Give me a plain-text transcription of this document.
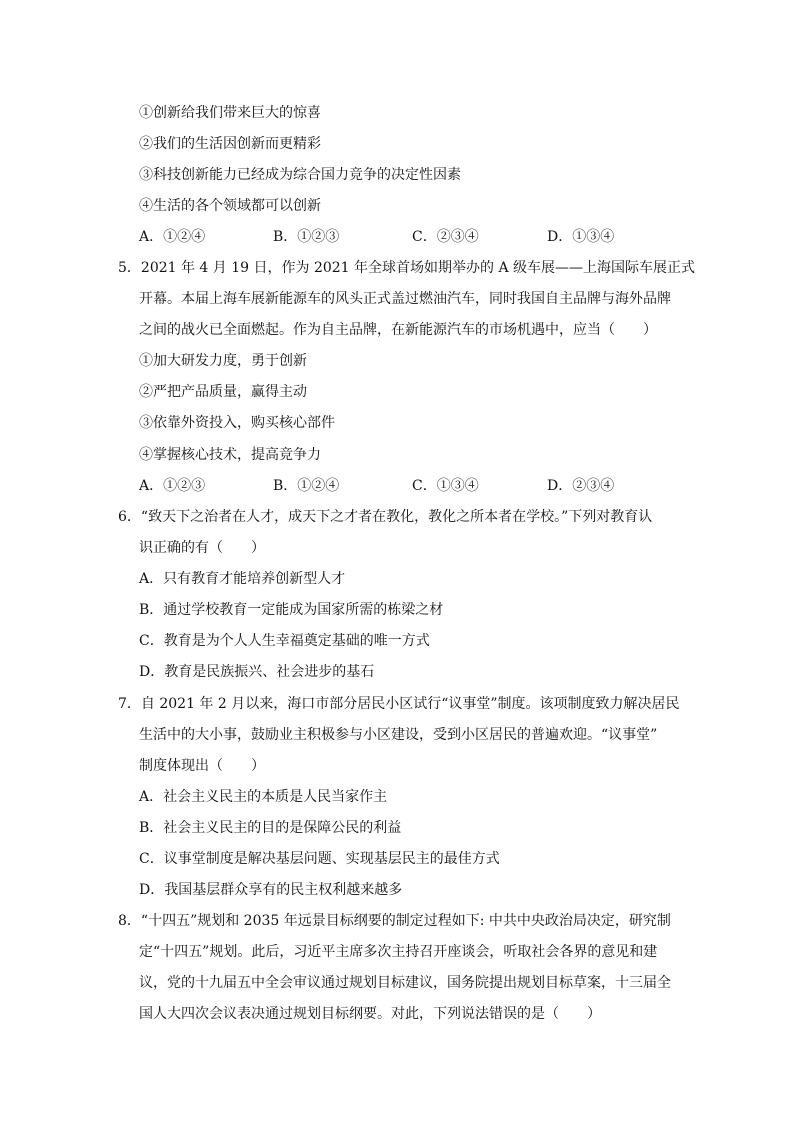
①创新给我们带来巨大的惊喜
②我们的生活因创新而更精彩
③科技创新能力已经成为综合国力竞争的决定性因素
④生活的各个领域都可以创新
A．①②④	B．①②③	C．②③④	D．①③④
5．2021 年 4 月 19 日，作为 2021 年全球首场如期举办的 A 级车展——上海国际车展正式
开幕。本届上海车展新能源车的风头正式盖过燃油汽车，同时我国自主品牌与海外品牌
之间的战火已全面燃起。作为自主品牌，在新能源汽车的市场机遇中，应当（　　）
①加大研发力度，勇于创新
②严把产品质量，赢得主动
③依靠外资投入，购买核心部件
④掌握核心技术，提高竞争力
A．①②③	B．①②④	C．①③④	D．②③④
6．“致天下之治者在人才，成天下之才者在教化，教化之所本者在学校。”下列对教育认
识正确的有（　　）
A．只有教育才能培养创新型人才
B．通过学校教育一定能成为国家所需的栋梁之材
C．教育是为个人人生幸福奠定基础的唯一方式
D．教育是民族振兴、社会进步的基石
7．自 2021 年 2 月以来，海口市部分居民小区试行“议事堂”制度。该项制度致力解决居民
生活中的大小事，鼓励业主积极参与小区建设，受到小区居民的普遍欢迎。“议事堂”
制度体现出（　　）
A．社会主义民主的本质是人民当家作主
B．社会主义民主的目的是保障公民的利益
C．议事堂制度是解决基层问题、实现基层民主的最佳方式
D．我国基层群众享有的民主权利越来越多
8．“十四五”规划和 2035 年远景目标纲要的制定过程如下: 中共中央政治局决定，研究制
定“十四五”规划。此后，习近平主席多次主持召开座谈会，听取社会各界的意见和建
议，党的十九届五中全会审议通过规划目标建议，国务院提出规划目标草案，十三届全
国人大四次会议表决通过规划目标纲要。对此，下列说法错误的是（　　）
